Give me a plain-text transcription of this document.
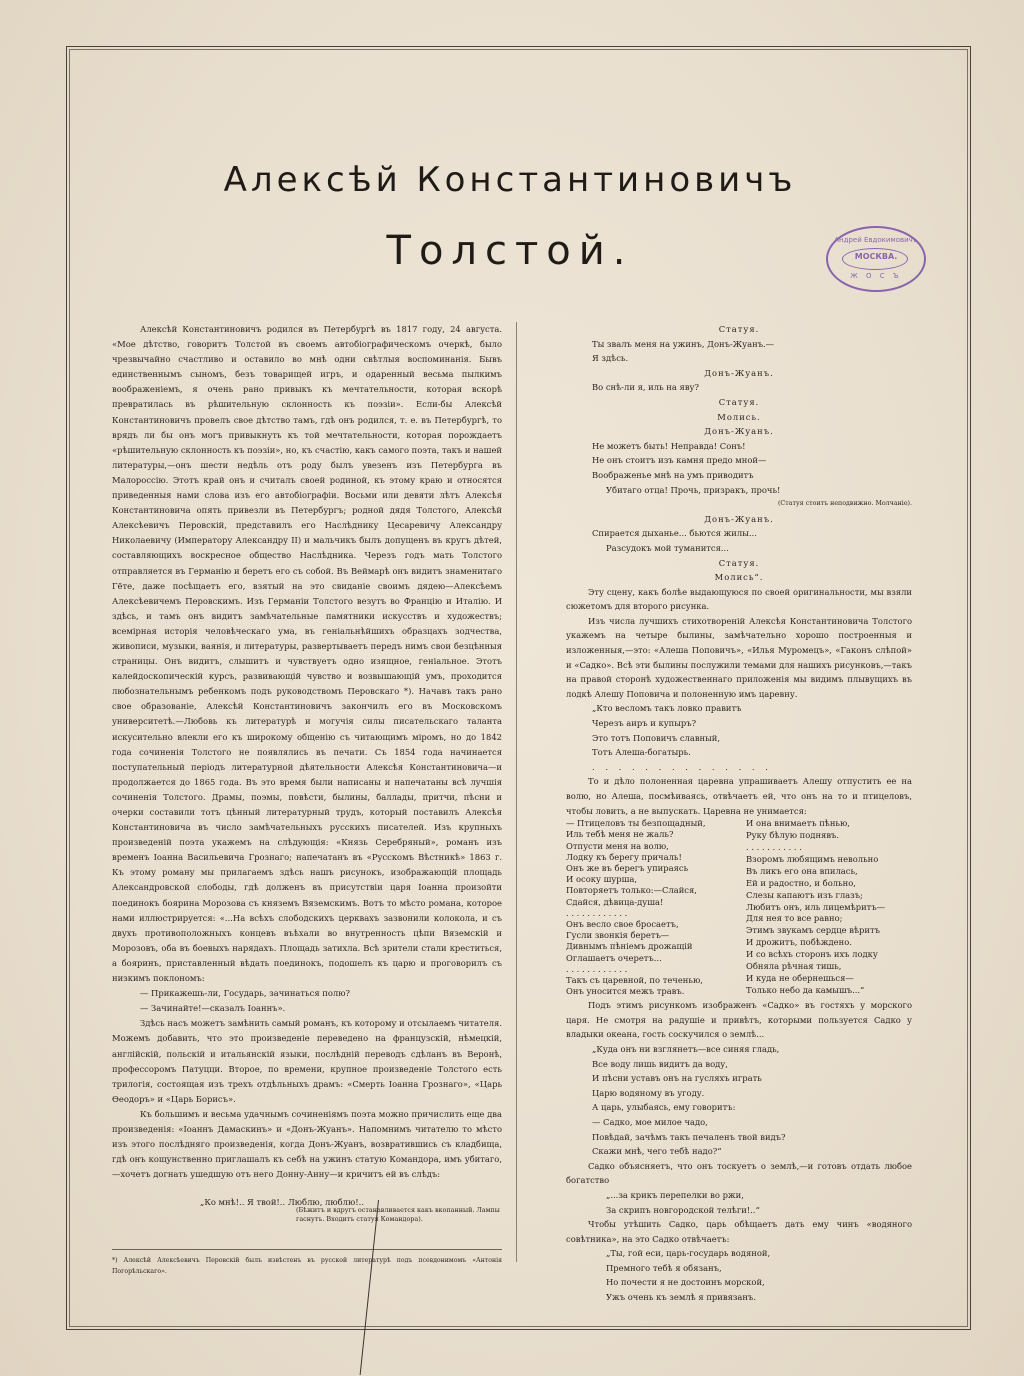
Алексѣй Константиновичъ
Толстой.	Андрей Евдокимовичъ
МОСКВА.
Ж О С Ъ

Алексѣй Константиновичъ родился въ Петербургѣ въ 1817 году, 24 августа. «Мое дѣтство, говоритъ Толстой въ своемъ автобіографическомъ очеркѣ, было чрезвычайно счастливо и оставило во мнѣ одни свѣтлыя воспоминанія. Бывъ единственнымъ сыномъ, безъ товарищей игръ, и одаренный весьма пылкимъ воображеніемъ, я очень рано привыкъ къ мечтательности, которая вскорѣ превратилась въ рѣшительную склонность къ поэзіи». Если-бы Алексѣй Константиновичъ провелъ свое дѣтство тамъ, гдѣ онъ родился, т. е. въ Петербургѣ, то врядъ ли бы онъ могъ привыкнуть къ той мечтательности, которая порождаетъ «рѣшительную склонность къ поэзіи», но, къ счастію, какъ самого поэта, такъ и нашей литературы,—онъ шести недѣль отъ роду былъ увезенъ изъ Петербурга въ Малороссію. Этотъ край онъ и считалъ своей родиной, къ этому краю и относятся приведенныя нами слова изъ его автобіографіи. Восьми или девяти лѣтъ Алексѣя Константиновича опять привезли въ Петербургъ; родной дядя Толстого, Алексѣй Алексѣевичъ Перовскій, представилъ его Наслѣднику Цесаревичу Александру Николаевичу (Императору Александру II) и мальчикъ былъ допущенъ въ кругъ дѣтей, составляющихъ воскресное общество Наслѣдника. Черезъ годъ мать Толстого отправляется въ Германію и беретъ его съ собой. Въ Веймарѣ онъ видитъ знаменитаго Гёте, даже посѣщаетъ его, взятый на это свиданіе своимъ дядею—Алексѣемъ Алексѣевичемъ Перовскимъ. Изъ Германіи Толстого везутъ во Францію и Италію. И здѣсь, и тамъ онъ видитъ замѣчательные памятники искусствъ и художествъ; всемірная исторія человѣческаго ума, въ геніальнѣйшихъ образцахъ зодчества, живописи, музыки, ваянія, и литературы, развертываетъ передъ нимъ свои безцѣнныя страницы. Онъ видитъ, слышитъ и чувствуетъ одно изящное, геніальное. Этотъ калейдоскопическій курсъ, развивающій чувство и возвышающій умъ, проходится любознательнымъ ребенкомъ подъ руководствомъ Перовскаго *). Начавъ такъ рано свое образованіе, Алексѣй Константиновичъ закончилъ его въ Московскомъ университетѣ.—Любовь къ литературѣ и могучія силы писательскаго таланта искусительно влекли его къ широкому общенію съ читающимъ міромъ, но до 1842 года сочиненія Толстого не появлялись въ печати. Съ 1854 года начинается поступательный періодъ литературной дѣятельности Алексѣя Константиновича—и продолжается до 1865 года. Въ это время были написаны и напечатаны всѣ лучшія сочиненія Толстого. Драмы, поэмы, повѣсти, былины, баллады, притчи, пѣсни и очерки составили тотъ цѣнный литературный трудъ, который поставилъ Алексѣя Константиновича въ число замѣчательныхъ русскихъ писателей. Изъ крупныхъ произведеній поэта укажемъ на слѣдующія: «Князь Серебряный», романъ изъ временъ Іоанна Васильевича Грознаго; напечатанъ въ «Русскомъ Вѣстникѣ» 1863 г. Къ этому роману мы прилагаемъ здѣсь нашъ рисунокъ, изображающій площадь Александровской слободы, гдѣ долженъ въ присутствіи царя Іоанна произойти поединокъ боярина Морозова съ княземъ Вяземскимъ. Вотъ то мѣсто романа, которое нами иллюстрируется: «...На всѣхъ слободскихъ церквахъ зазвонили колокола, и съ двухъ противоположныхъ концевъ въѣхали во внутренность цѣпи Вяземскій и Морозовъ, оба въ боевыхъ нарядахъ. Площадь затихла. Всѣ зрители стали креститься, а бояринъ, приставленный вѣдать поединокъ, подошелъ къ царю и проговорилъ съ низкимъ поклономъ:

— Прикажешь-ли, Государь, зачинаться полю?

— Зачинайте!—сказалъ Іоаннъ».

Здѣсь насъ можетъ замѣнить самый романъ, къ которому и отсылаемъ читателя. Можемъ добавить, что это произведеніе переведено на французскій, нѣмецкій, англійскій, польскій и итальянскій языки, послѣдній переводъ сдѣланъ въ Веронѣ, профессоромъ Патуцци. Второе, по времени, крупное произведеніе Толстого есть трилогія, состоящая изъ трехъ отдѣльныхъ драмъ: «Смерть Іоанна Грознаго», «Царь Ѳеодоръ» и «Царь Борисъ».

Къ большимъ и весьма удачнымъ сочиненіямъ поэта можно причислить еще два произведенія: «Іоаннъ Дамаскинъ» и «Донъ-Жуанъ». Напомнимъ читателю то мѣсто изъ этого послѣдняго произведенія, когда Донъ-Жуанъ, возвратившись съ кладбища, гдѣ онъ кощунственно приглашалъ къ себѣ на ужинъ статую Командора, имъ убитаго,—хочетъ догнать ушедшую отъ него Донну-Анну—и кричитъ ей въ слѣдъ:

„Ко мнѣ!.. Я твой!.. Люблю, люблю!..
(Бѣжитъ и вдругъ останавливается какъ вкопанный. Лампы гаснутъ. Входитъ статуя Командора).
*) Алексѣй Алексѣевичъ Перовскій былъ извѣстенъ въ русской литературѣ подъ псевдонимомъ «Антонія Погорѣльскаго».

Статуя.

Ты звалъ меня на ужинъ, Донъ-Жуанъ.—

Я здѣсь.

Донъ-Жуанъ.

Во снѣ-ли я, иль на яву?

Статуя.

Молись.

Донъ-Жуанъ.

Не можетъ быть! Неправда! Сонъ!

Не онъ стоитъ изъ камня предо мной—

Воображенье мнѣ на умъ приводитъ

Убитаго отца! Прочь, призракъ, прочь!

(Статуя стоитъ неподвижно. Молчаніе).

Донъ-Жуанъ.

Спирается дыханье... бьются жилы...

Разсудокъ мой туманится...

Статуя.

Молись“.

Эту сцену, какъ болѣе выдающуюся по своей оригинальности, мы взяли сюжетомъ для второго рисунка.

Изъ числа лучшихъ стихотвореній Алексѣя Константиновича Толстого укажемъ на четыре былины, замѣчательно хорошо построенныя и изложенныя,—это: «Алеша Поповичъ», «Илья Муромецъ», «Гаконъ слѣпой» и «Садко». Всѣ эти былины послужили темами для нашихъ рисунковъ,—такъ на правой сторонѣ художественнаго приложенія мы видимъ плывущихъ въ лодкѣ Алешу Поповича и полоненную имъ царевну.

„Кто весломъ такъ ловко правитъ

Черезъ аиръ и купыръ?

Это тотъ Поповичъ славный,

Тотъ Алеша-богатырь.

. . . . . . . . . . . . . .

То и дѣло полоненная царевна упрашиваетъ Алешу отпустить ее на волю, но Алеша, посмѣиваясь, отвѣчаетъ ей, что онъ на то и птицеловъ, чтобы ловить, а не выпускать. Царевна не унимается:

— Птицеловъ ты безпощадный,
Иль тебѣ меня не жаль?
Отпусти меня на волю,
Лодку къ берегу причаль!
Онъ же въ берегъ упираясь
И осоку шурша,
Повторяетъ только:—Слайся,
Сдайся, дѣвица-душа!
. . . . . . . . . . . .
Онъ весло свое бросаетъ,
Гусли звонкія беретъ—
Дивнымъ пѣніемъ дрожащій
Оглашаетъ очеретъ...
. . . . . . . . . . . .
Такъ съ царевной, по теченью,
Онъ уносится межъ травъ.
И она внимаетъ пѣнью,
Руку бѣлую поднявъ.
. . . . . . . . . . .
Взоромъ любящимъ невольно
Въ ликъ его она впилась,
Ей и радостно, и больно,
Слезы капаютъ изъ глазъ;
Любитъ онъ, иль лицемѣритъ—
Для нея то все равно;
Этимъ звукамъ сердце вѣритъ
И дрожитъ, побѣждено.
И со всѣхъ сторонъ ихъ лодку
Обняла рѣчная тишь,
И куда не обернешься—
Только небо да камышъ...“

Подъ этимъ рисункомъ изображенъ «Садко» въ гостяхъ у морского царя. Не смотря на радушіе и привѣтъ, которыми пользуется Садко у владыки океана, гость соскучился о землѣ...

„Куда онъ ни взглянетъ—все синяя гладь,

Все воду лишь видитъ да воду,

И пѣсни уставъ онъ на гусляхъ играть

Царю водяному въ угоду.

А царь, улыбаясь, ему говоритъ:

— Садко, мое милое чадо,

Повѣдай, зачѣмъ такъ печаленъ твой видъ?

Скажи мнѣ, чего тебѣ надо?“

Садко объясняетъ, что онъ тоскуетъ о землѣ,—и готовъ отдать любое богатство

„...за крикъ перепелки во ржи,

За скрипъ новгородской телѣги!..“

Чтобы утѣшить Садко, царь обѣщаетъ дать ему чинъ «водяного совѣтника», на это Садко отвѣчаетъ:

„Ты, гой еси, царь-государь водяной,

Премного тебѣ я обязанъ,

Но почести я не достоинъ морской,

Ужъ очень къ землѣ я привязанъ.
